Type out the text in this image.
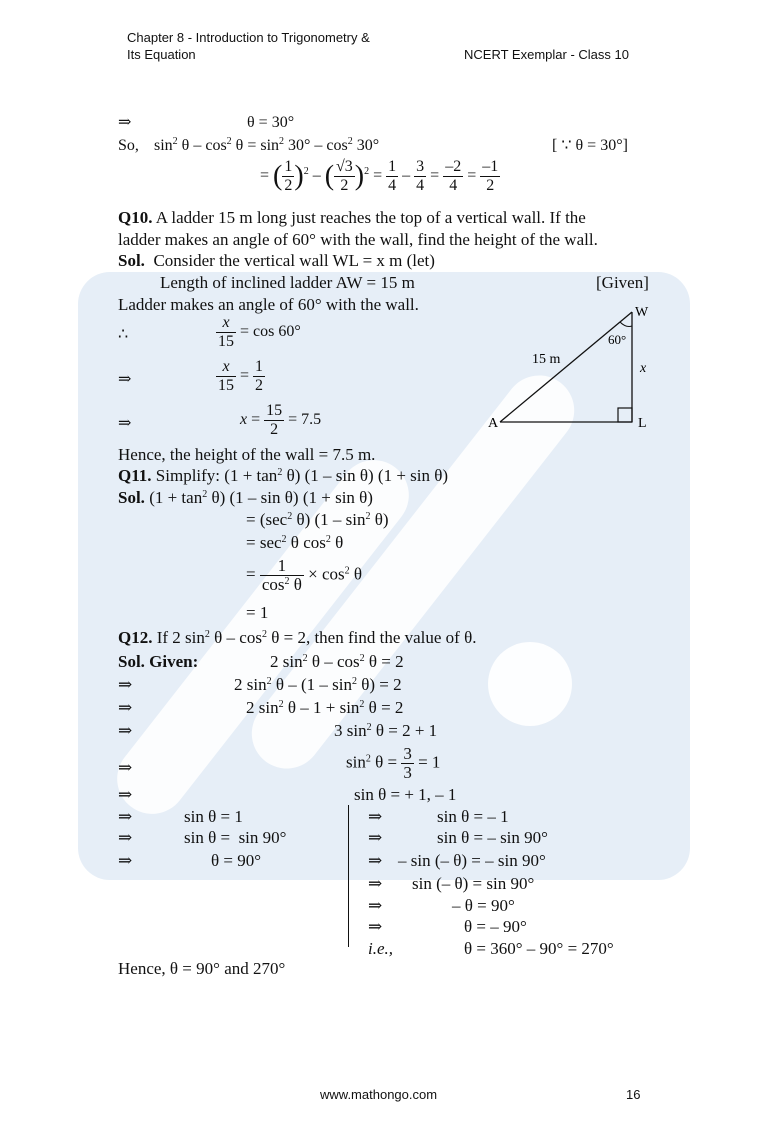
Chapter 8 - Introduction to Trigonometry &
Its Equation	NCERT Exemplar - Class 10
⇒	θ = 30°
So, $\sin^2 \theta - \cos^2 \theta = \sin^2 30^\circ - \cos^2 30^\circ$	[ ∵ θ = 30°]
= ( $\frac{1}{2} )^2$ – ( $\frac{√3}{2} )^2 = \frac{1}{4} - \frac{3}{4} = \frac{-2}{4} = \frac{-1}{2}$
Q10. A ladder 15 m long just reaches the top of a vertical wall. If the
ladder makes an angle of 60° with the wall, find the height of the wall.
Sol. Consider the vertical wall WL = x m (let)
Length of inclined ladder AW = 15 m	[Given]
Ladder makes an angle of 60° with the wall.
∴	$\frac{x}{15} = \cos 60^\circ$
⇒	$\frac{x}{15} = \frac{1}{2}$
⇒	$x = \frac{15}{2} = 7.5$
W
A	L
15 m
60°
x
Hence, the height of the wall = 7.5 m.
Q11. Simplify: $(1 + \tan^2 \theta)$ (1 – sin θ) (1 + sin θ)
Sol. $(1 + \tan^2 \theta)$ (1 – sin θ) (1 + sin θ)
= ($\sec^2$ θ) $(1 - \sin^2 \theta)$
= $\sec^2 \theta$ $\cos^2 \theta$
= $\frac{1}{\cos^2 \theta} \times \cos^2 \theta$
= 1
Q12. If 2 $\sin^2 \theta - \cos^2 \theta = 2$, then find the value of θ.
Sol. Given:	2 $\sin^2 \theta - \cos^2 \theta = 2$
⇒	2 $\sin^2 \theta - (1 - \sin^2 \theta) = 2$
⇒	2 $\sin^2 \theta - 1 + \sin^2 \theta = 2$
⇒	3 $\sin^2 \theta = 2 + 1$
⇒	$\sin^2 \theta = \frac{3}{3} = 1$
⇒	sin θ = + 1, – 1
⇒	sin θ = 1
⇒	sin θ =  sin 90°
⇒	θ = 90°
⇒	sin θ = – 1
⇒	sin θ = – sin 90°
⇒ – sin (– θ) = – sin 90°
⇒ sin (– θ) = sin 90°
⇒	– θ = 90°
⇒	θ = – 90°
i.e.,	θ = 360° – 90° = 270°
Hence, θ = 90° and 270°
www.mathongo.com	16
